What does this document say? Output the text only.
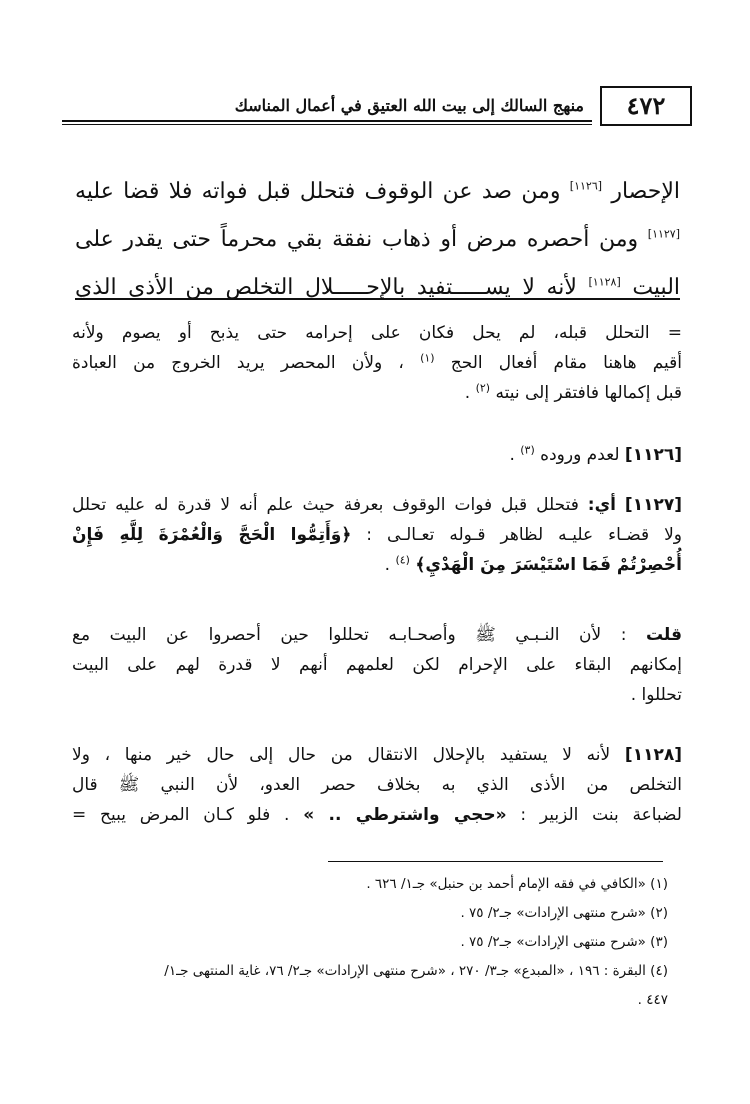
٤٧٢
منهج السالك إلى بيت الله العتيق في أعمال المناسك

الإحصار [١١٢٦] ومن صد عن الوقوف فتحلل قبل فواته فلا قضا عليه

[١١٢٧] ومن أحصره مرض أو ذهاب نفقة بقي محرماً حتى يقدر على

البيت [١١٢٨] لأنه لا يســـــتفيد بالإحـــــلال التخلص من الأذى الذي

= التحلل قبله، لم يحل فكان على إحرامه حتى يذبح أو يصوم ولأنه

أقيم هاهنا مقام أفعال الحج $^{(١)}$ ، ولأن المحصر يريد الخروج من العبادة

قبل إكمالها فافتقر إلى نيته $^{(٢)}$ .

[١١٢٦] لعدم وروده $^{(٣)}$ .

[١١٢٧] أي: فتحلل قبل فوات الوقوف بعرفة حيث علم أنه لا قدرة له عليه تحلل

ولا قضـاء عليـه لظاهر قـوله تعـالـى : ﴿وَأَتِمُّوا الْحَجَّ وَالْعُمْرَةَ لِلَّهِ فَإِنْ

أُحْصِرْتُمْ فَمَا اسْتَيْسَرَ مِنَ الْهَدْيِ﴾ $^{(٤)}$ .

قلت : لأن النـبـي ﷺ وأصحـابـه تحللوا حين أحصروا عن البيت مع

إمكانهم البقاء على الإحرام لكن لعلمهم أنهم لا قدرة لهم على البيت

تحللوا .

[١١٢٨] لأنه لا يستفيد بالإحلال الانتقال من حال إلى حال خير منها ، ولا

التخلص من الأذى الذي به بخلاف حصر العدو، لأن النبي ﷺ قال

لضباعة بنت الزبير : «حجي واشترطي .. » . فلو كـان المرض يبيح =

(١) «الكافي في فقه الإمام أحمد بن حنبل» جـ١/ ٦٢٦ .

(٢) «شرح منتهى الإرادات» جـ٢/ ٧٥ .

(٣) «شرح منتهى الإرادات» جـ٢/ ٧٥ .

(٤) البقرة : ١٩٦ ، «المبدع» جـ٣/ ٢٧٠ ، «شرح منتهى الإرادات» جـ٢/ ٧٦، غاية المنتهى جـ١/

٤٤٧ .
